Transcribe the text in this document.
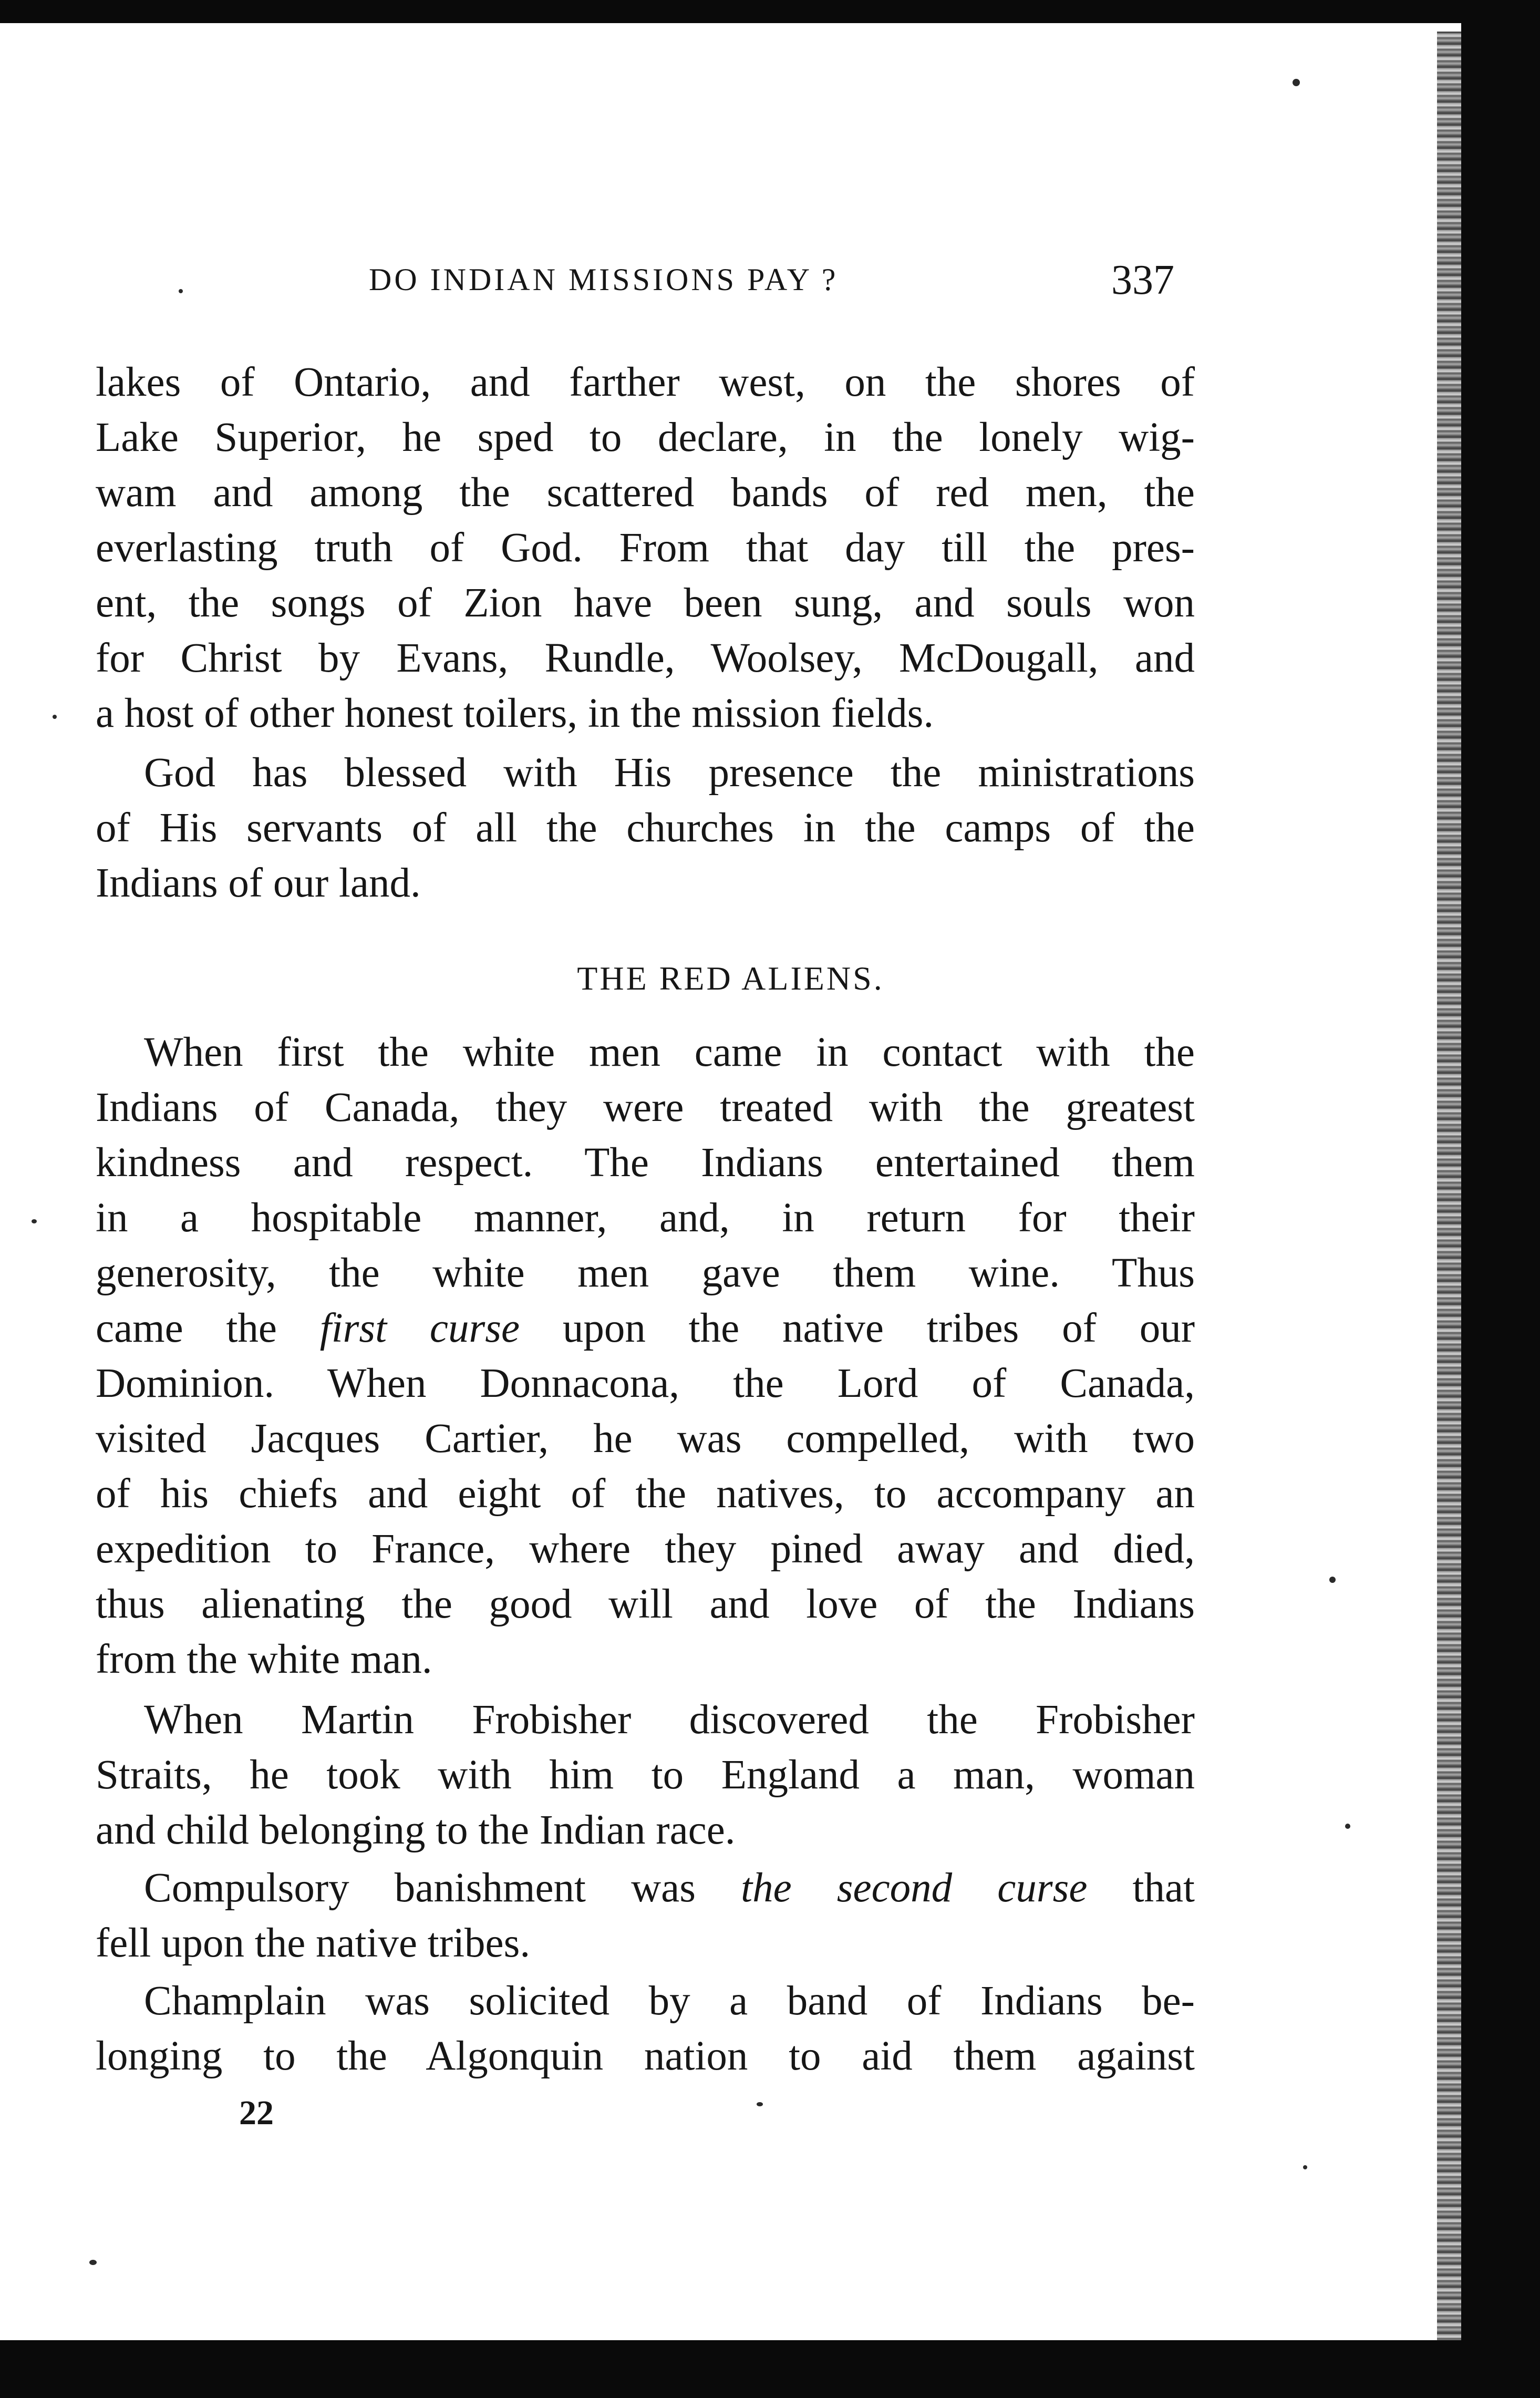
DO INDIAN MISSIONS PAY ?	337
lakes of Ontario, and farther west, on the shores of
Lake Superior, he sped to declare, in the lonely wig-
wam and among the scattered bands of red men, the
everlasting truth of God. From that day till the pres-
ent, the songs of Zion have been sung, and souls won
for Christ by Evans, Rundle, Woolsey, McDougall, and
a host of other honest toilers, in the mission fields.
God has blessed with His presence the ministrations
of His servants of all the churches in the camps of the
Indians of our land.
THE RED ALIENS.
When first the white men came in contact with the
Indians of Canada, they were treated with the greatest
kindness and respect. The Indians entertained them
in a hospitable manner, and, in return for their
generosity, the white men gave them wine. Thus
came the first curse upon the native tribes of our
Dominion. When Donnacona, the Lord of Canada,
visited Jacques Cartier, he was compelled, with two
of his chiefs and eight of the natives, to accompany an
expedition to France, where they pined away and died,
thus alienating the good will and love of the Indians
from the white man.
When Martin Frobisher discovered the Frobisher
Straits, he took with him to England a man, woman
and child belonging to the Indian race.
Compulsory banishment was the second curse that
fell upon the native tribes.
Champlain was solicited by a band of Indians be-
longing to the Algonquin nation to aid them against
22
